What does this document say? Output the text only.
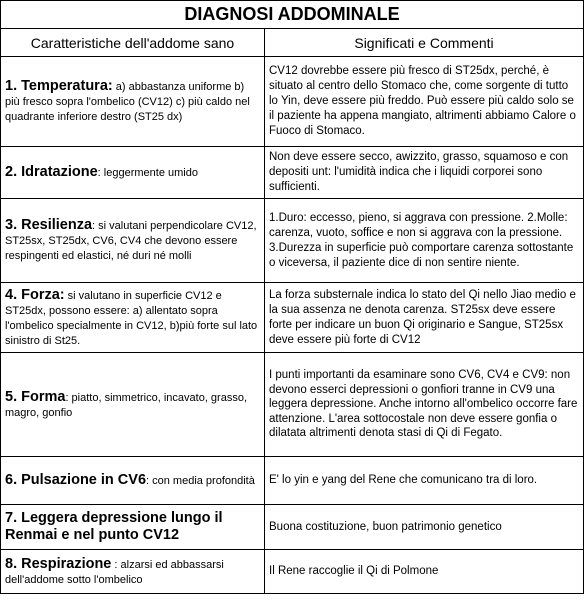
DIAGNOSI ADDOMINALE	
Caratteristiche dell'addome sano	Significati e Commenti
1. Temperatura: a) abbastanza uniforme b) più fresco sopra l'ombelico (CV12) c) più caldo nel quadrante inferiore destro (ST25 dx)	CV12 dovrebbe essere più fresco di ST25dx, perché, è situato al centro dello Stomaco che, come sorgente di tutto lo Yin, deve essere più freddo. Può essere più caldo solo se il paziente ha appena mangiato, altrimenti abbiamo Calore o Fuoco di Stomaco.
2. Idratazione: leggermente umido	Non deve essere secco, awizzito, grasso, squamoso e con depositi unt: l'umidità indica che i liquidi corporei sono sufficienti.
3. Resilienza: si valutani perpendicolare CV12, ST25sx, ST25dx, CV6, CV4 che devono essere respingenti ed elastici, né duri né molli	1.Duro: eccesso, pieno, si aggrava con pressione. 2.Molle: carenza, vuoto, soffice e non si aggrava con la pressione. 3.Durezza in superficie può comportare carenza sottostante o viceversa, il paziente dice di non sentire niente.
4. Forza: si valutano in superficie CV12 e ST25dx, possono essere: a) allentato sopra l'ombelico specialmente in CV12, b)più forte sul lato sinistro di St25.	La forza substernale indica lo stato del Qi nello Jiao medio e la sua assenza ne denota carenza. ST25sx deve essere forte per indicare un buon Qi originario e Sangue, ST25sx deve essere più forte di CV12
5. Forma: piatto, simmetrico, incavato, grasso, magro, gonfio	I punti importanti da esaminare sono CV6, CV4 e CV9: non devono esserci depressioni o gonfiori tranne in CV9 una leggera depressione. Anche intorno all'ombelico occorre fare attenzione. L'area sottocostale non deve essere gonfia o dilatata altrimenti denota stasi di Qi di Fegato.
6. Pulsazione in CV6: con media profondità	E' lo yin e yang del Rene che comunicano tra di loro.
7. Leggera depressione lungo il Renmai e nel punto CV12	Buona costituzione, buon patrimonio genetico
8. Respirazione : alzarsi ed abbassarsi dell'addome sotto l'ombelico	Il Rene raccoglie il Qi di Polmone
